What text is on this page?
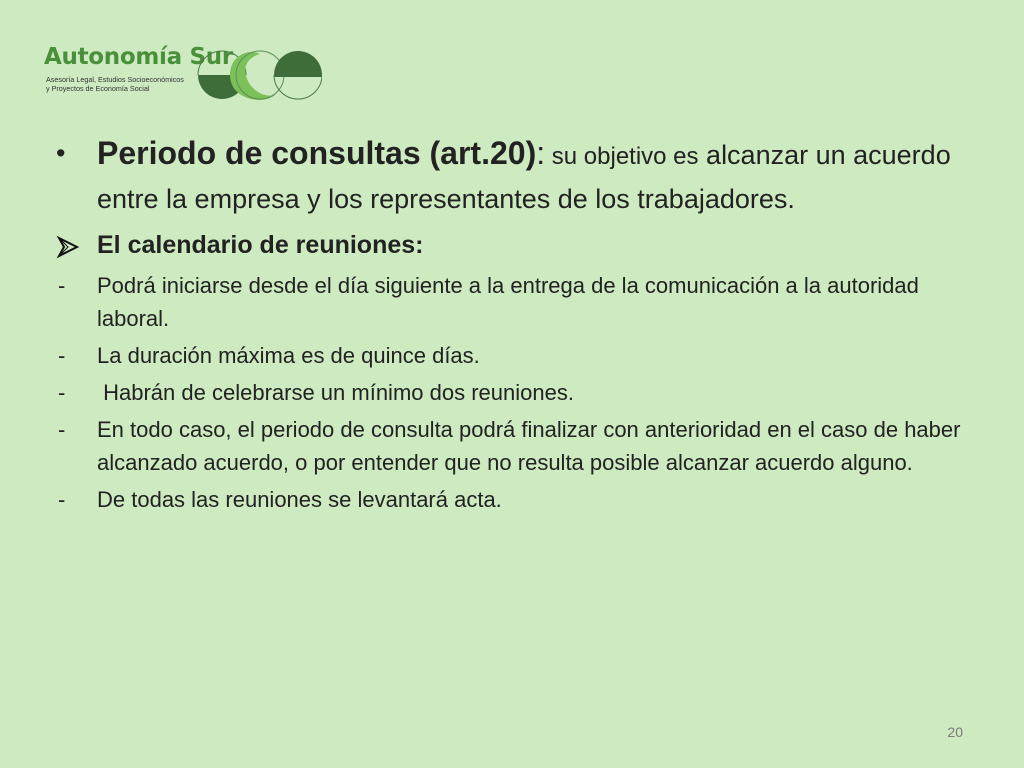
Autonomía Sur
Asesoría Legal, Estudios Socioeconómicos
y Proyectos de Economía Social
• Periodo de consultas (art.20): su objetivo es alcanzar un acuerdo entre la empresa y los representantes de los trabajadores.
El calendario de reuniones:
-	Podrá iniciarse desde el día siguiente a la entrega de la comunicación a la autoridad laboral.
-	La duración máxima es de quince días.
-	Habrán de celebrarse un mínimo dos reuniones.
-	En todo caso, el periodo de consulta podrá finalizar con anterioridad en el caso de haber alcanzado acuerdo, o por entender que no resulta posible alcanzar acuerdo alguno.
-	De todas las reuniones se levantará acta.
20
